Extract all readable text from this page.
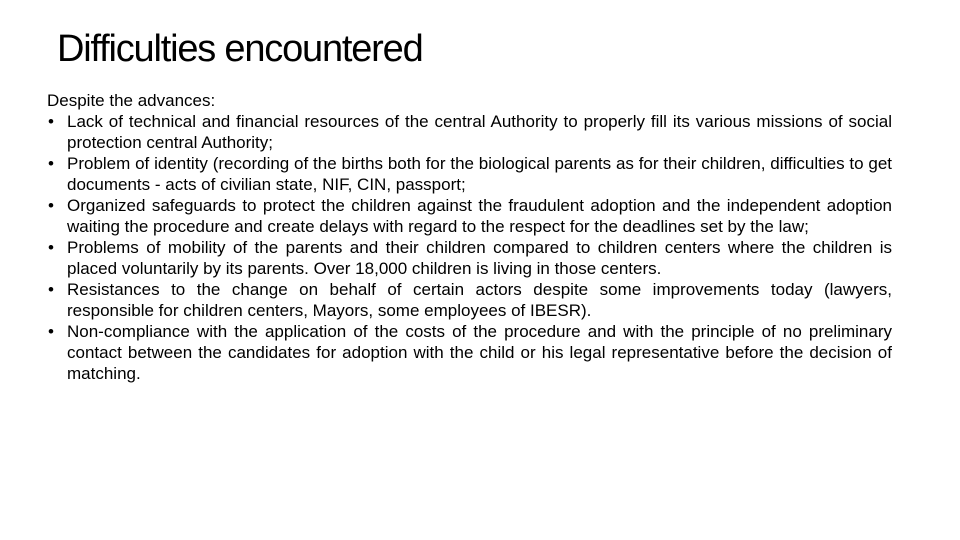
Difficulties encountered

Despite the advances:

• Lack of technical and financial resources of the central Authority to properly fill its various missions of social protection central Authority;
• Problem of identity (recording of the births both for the biological parents as for their children, difficulties to get documents - acts of civilian state, NIF, CIN, passport;
• Organized safeguards to protect the children against the fraudulent adoption and the independent adoption waiting the procedure and create delays with regard to the respect for the deadlines set by the law;
• Problems of mobility of the parents and their children compared to children centers where the children is placed voluntarily by its parents. Over 18,000 children is living in those centers.
• Resistances to the change on behalf of certain actors despite some improvements today (lawyers, responsible for children centers, Mayors, some employees of IBESR).
• Non-compliance with the application of the costs of the procedure and with the principle of no preliminary contact between the candidates for adoption with the child or his legal representative before the decision of matching.
